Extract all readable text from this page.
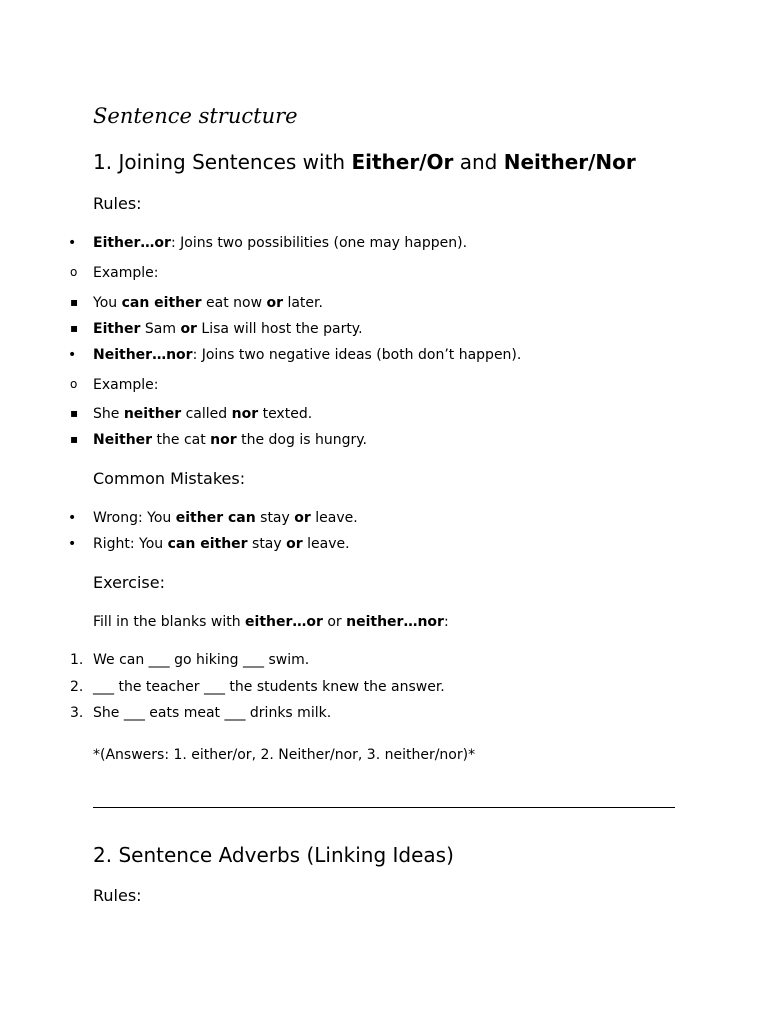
Sentence structure
1. Joining Sentences with Either/Or and Neither/Nor
Rules:
• Either…or: Joins two possibilities (one may happen).
o Example:
▪ You can either eat now or later.
▪ Either Sam or Lisa will host the party.
• Neither…nor: Joins two negative ideas (both don’t happen).
o Example:
▪ She neither called nor texted.
▪ Neither the cat nor the dog is hungry.
Common Mistakes:
• Wrong: You either can stay or leave.
• Right: You can either stay or leave.
Exercise:
Fill in the blanks with either…or or neither…nor:
1. We can ___ go hiking ___ swim.
2. ___ the teacher ___ the students knew the answer.
3. She ___ eats meat ___ drinks milk.
*(Answers: 1. either/or, 2. Neither/nor, 3. neither/nor)*
2. Sentence Adverbs (Linking Ideas)
Rules:
